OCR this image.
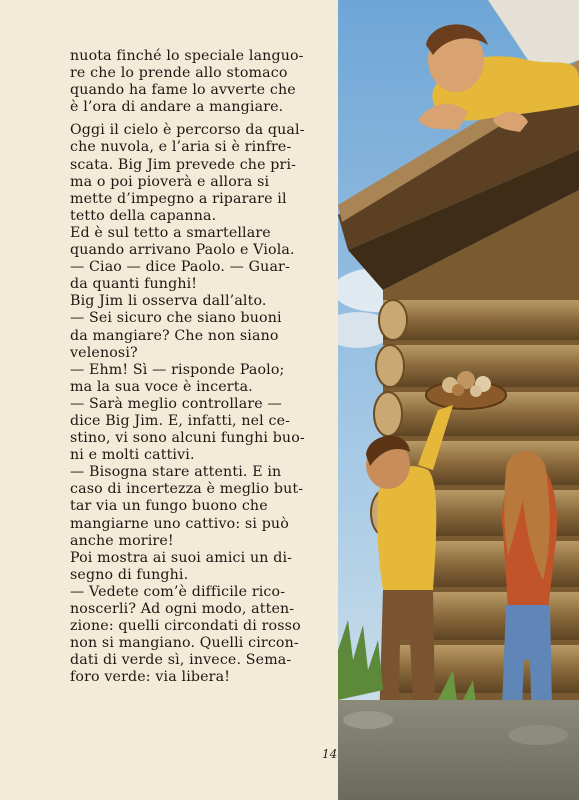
nuota finché lo speciale languo-
re che lo prende allo stomaco
quando ha fame lo avverte che
è l’ora di andare a mangiare.
Oggi il cielo è percorso da qual-
che nuvola, e l’aria si è rinfre-
scata. Big Jim prevede che pri-
ma o poi pioverà e allora si
mette d’impegno a riparare il
tetto della capanna.
Ed è sul tetto a smartellare
quando arrivano Paolo e Viola.
— Ciao — dice Paolo. — Guar-
da quanti funghi!
Big Jim li osserva dall’alto.
— Sei sicuro che siano buoni
da mangiare? Che non siano
velenosi?
— Ehm! Sì — risponde Paolo;
ma la sua voce è incerta.
— Sarà meglio controllare —
dice Big Jim. E, infatti, nel ce-
stino, vi sono alcuni funghi buo-
ni e molti cattivi.
— Bisogna stare attenti. E in
caso di incertezza è meglio but-
tar via un fungo buono che
mangiarne uno cattivo: si può
anche morire!
Poi mostra ai suoi amici un di-
segno di funghi.
— Vedete com’è difficile rico-
noscerli? Ad ogni modo, atten-
zione: quelli circondati di rosso
non si mangiano. Quelli circon-
dati di verde sì, invece. Sema-
foro verde: via libera!
14
